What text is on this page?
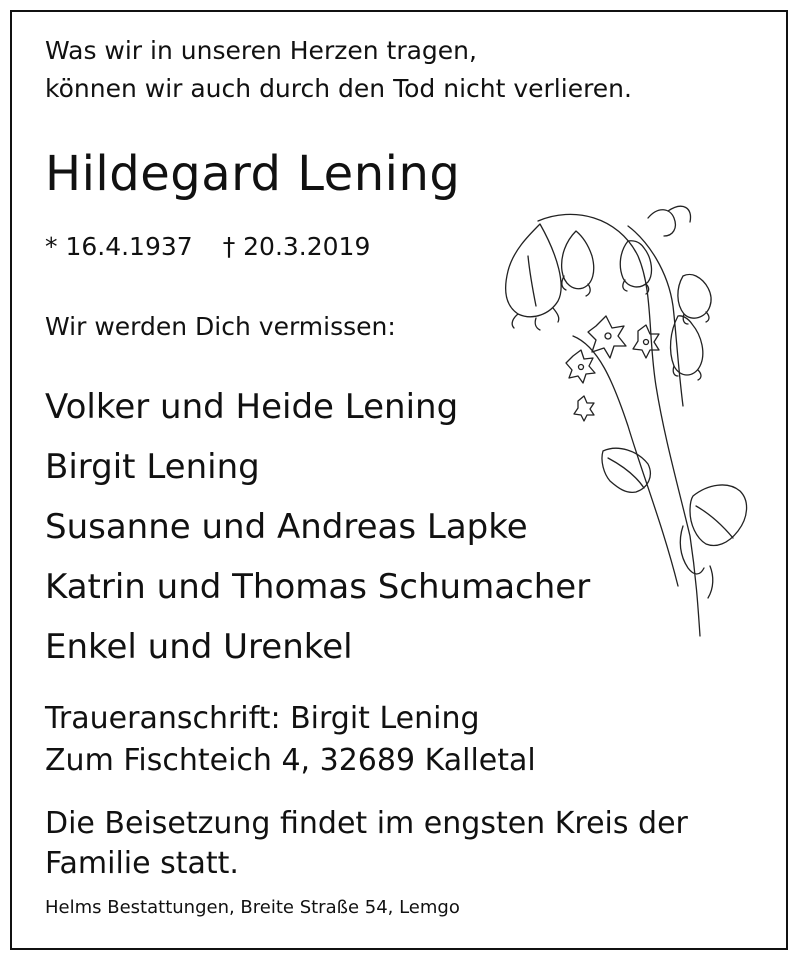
Was wir in unseren Herzen tragen,

können wir auch durch den Tod nicht verlieren.

Hildegard Lening

* 16.4.1937 † 20.3.2019

Wir werden Dich vermissen:

Volker und Heide Lening

Birgit Lening

Susanne und Andreas Lapke

Katrin und Thomas Schumacher

Enkel und Urenkel

Traueranschrift: Birgit Lening

Zum Fischteich 4, 32689 Kalletal

Die Beisetzung findet im engsten Kreis der

Familie statt.

Helms Bestattungen, Breite Straße 54, Lemgo
